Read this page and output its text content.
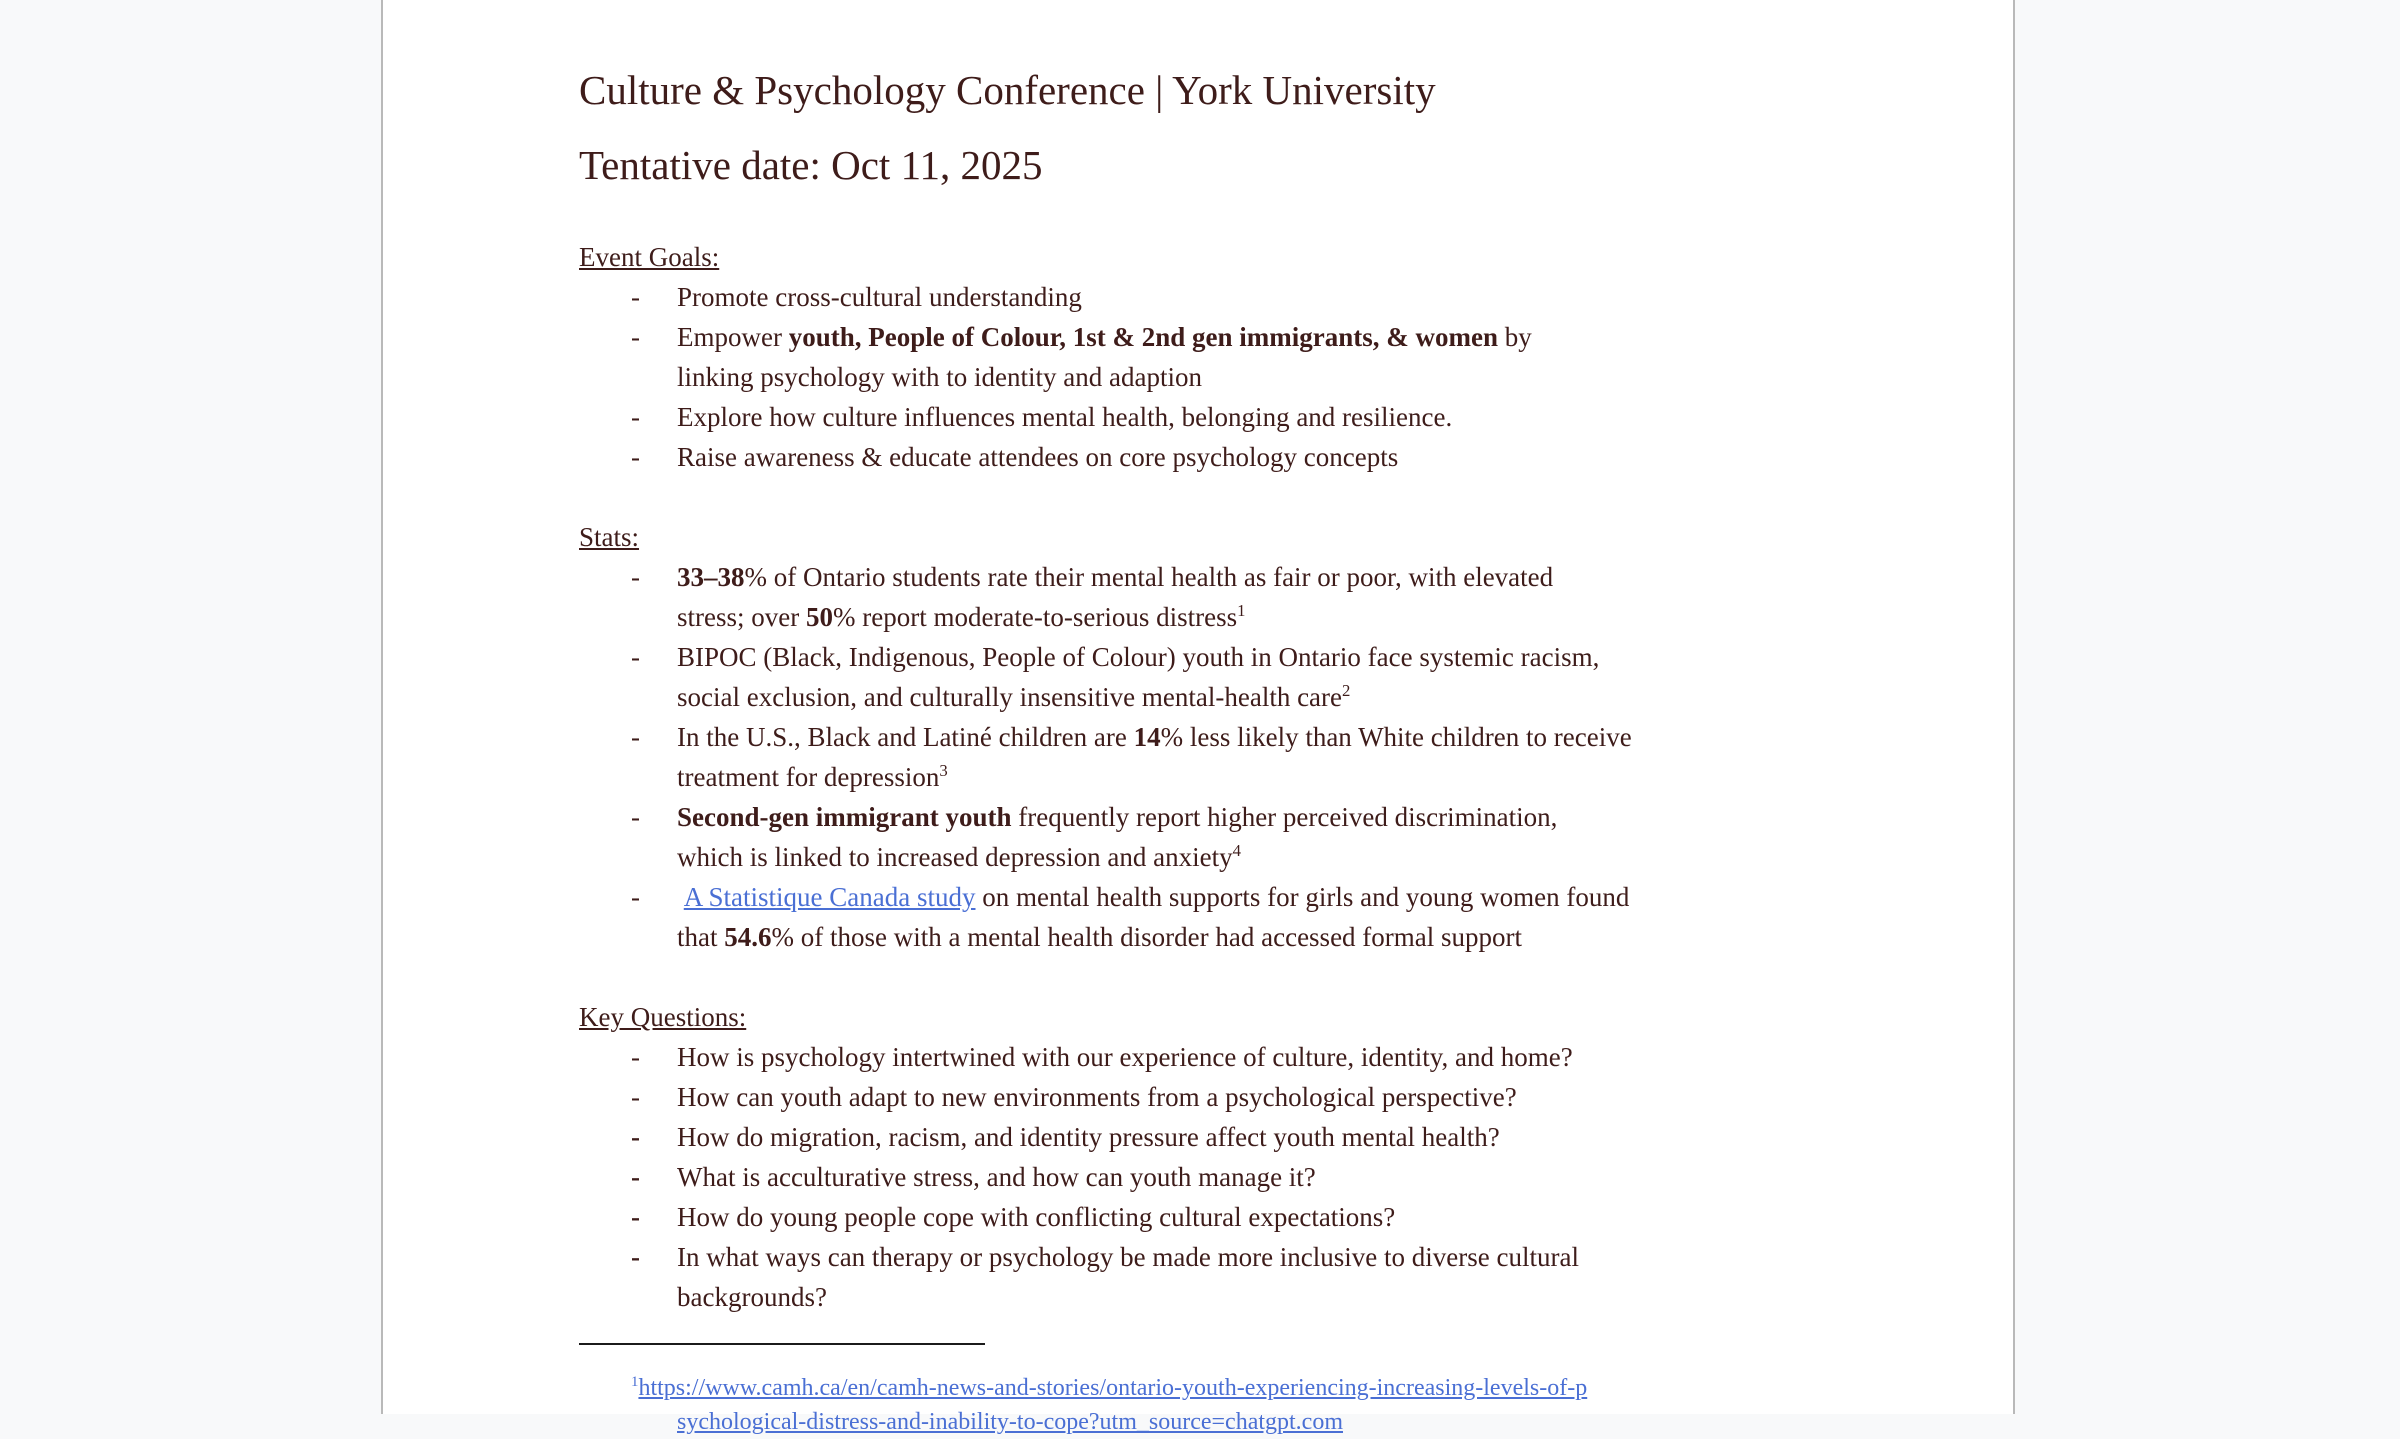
Culture & Psychology Conference | York University
Tentative date: Oct 11, 2025
Event Goals:
-	Promote cross-cultural understanding
-	Empower youth, People of Colour, 1st & 2nd gen immigrants, & women by
linking psychology with to identity and adaption
-	Explore how culture influences mental health, belonging and resilience.
-	Raise awareness & educate attendees on core psychology concepts
Stats:
-	33–38% of Ontario students rate their mental health as fair or poor, with elevated
stress; over 50% report moderate-to-serious distress$^1$
-	BIPOC (Black, Indigenous, People of Colour) youth in Ontario face systemic racism,
social exclusion, and culturally insensitive mental-health care$^2$
-	In the U.S., Black and Latiné children are 14% less likely than White children to receive
treatment for depression$^3$
-	Second-gen immigrant youth frequently report higher perceived discrimination,
which is linked to increased depression and anxiety$^4$
-	A Statistique Canada study on mental health supports for girls and young women found
that 54.6% of those with a mental health disorder had accessed formal support
Key Questions:
-	How is psychology intertwined with our experience of culture, identity, and home?
-	How can youth adapt to new environments from a psychological perspective?
-	How do migration, racism, and identity pressure affect youth mental health?
-	What is acculturative stress, and how can youth manage it?
-	How do young people cope with conflicting cultural expectations?
-	In what ways can therapy or psychology be made more inclusive to diverse cultural
backgrounds?
$^1$https://www.camh.ca/en/camh-news-and-stories/ontario-youth-experiencing-increasing-levels-of-p
sychological-distress-and-inability-to-cope?utm_source=chatgpt.com
